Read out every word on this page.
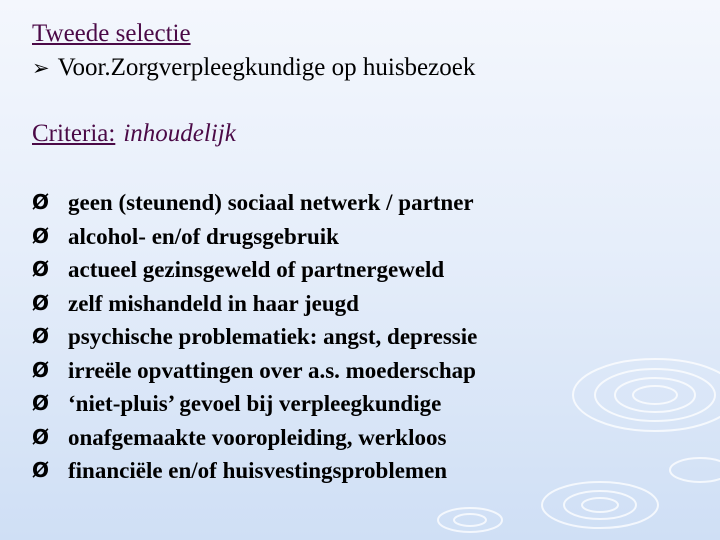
Tweede selectie
➢ Voor.Zorgverpleegkundige op huisbezoek
Criteria: inhoudelijk
Ø geen (steunend) sociaal netwerk / partner
Ø alcohol- en/of drugsgebruik
Ø actueel gezinsgeweld of partnergeweld
Ø zelf mishandeld in haar jeugd
Ø psychische problematiek: angst, depressie
Ø irreële opvattingen over a.s. moederschap
Ø ‘niet-pluis’ gevoel bij verpleegkundige
Ø onafgemaakte vooropleiding, werkloos
Ø financiële en/of huisvestingsproblemen
